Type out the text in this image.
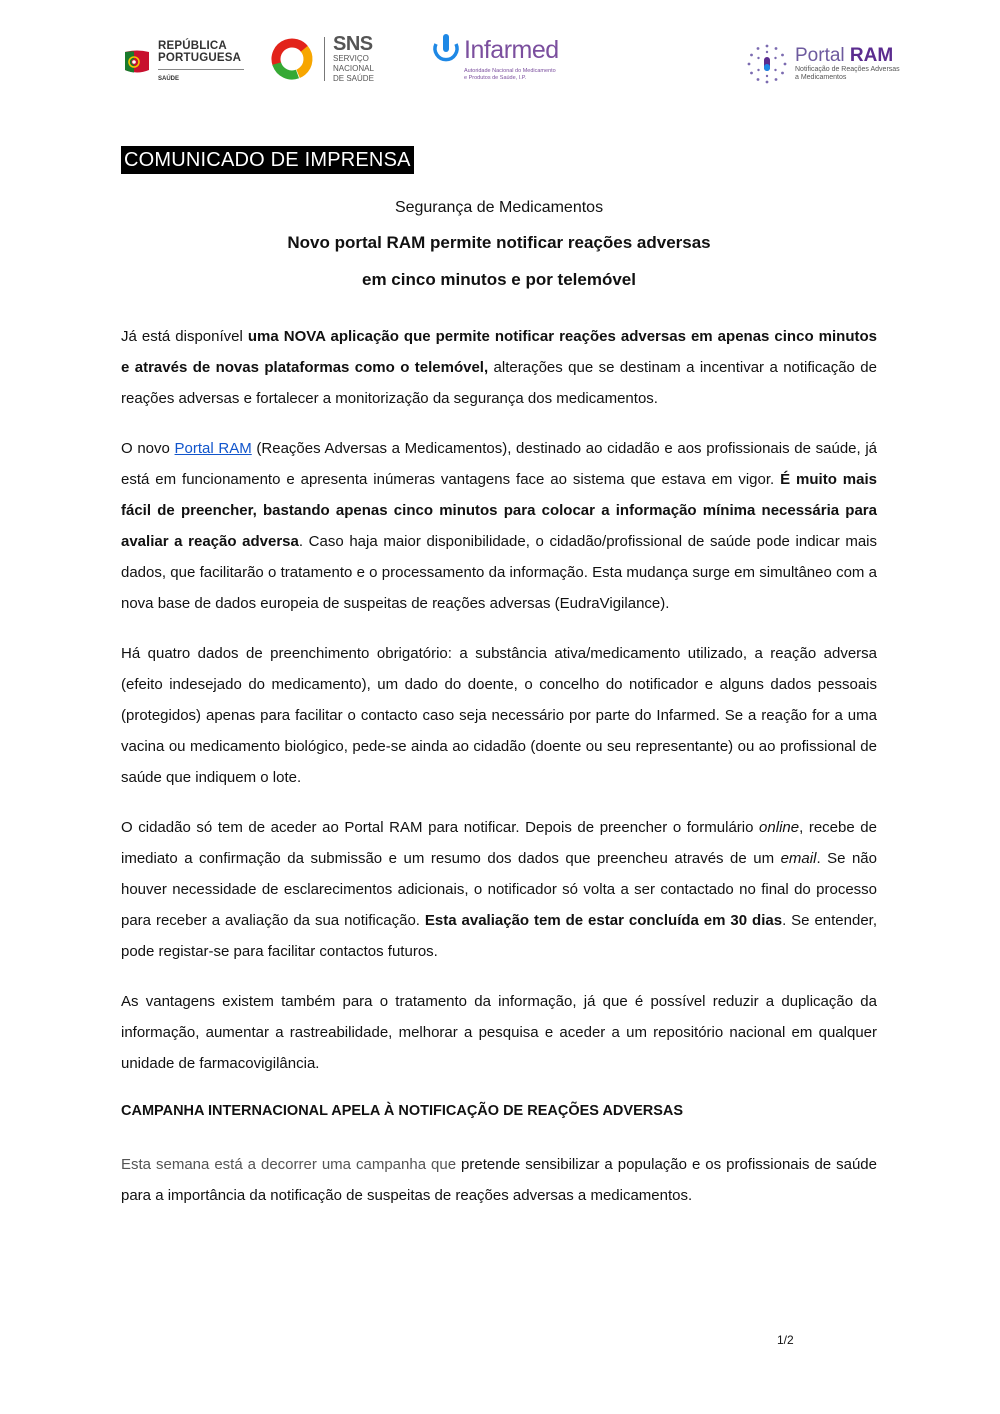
REPÚBLICA
PORTUGUESA
SAÚDE
SNS
SERVIÇO NACIONAL
DE SAÚDE
Infarmed
Autoridade Nacional do Medicamento
e Produtos de Saúde, I.P.
Portal RAM
Notificação de Reações Adversas
a Medicamentos
COMUNICADO DE IMPRENSA
Segurança de Medicamentos
Novo portal RAM permite notificar reações adversas
em cinco minutos e por telemóvel

Já está disponível uma NOVA aplicação que permite notificar reações adversas em apenas cinco minutos e através de novas plataformas como o telemóvel, alterações que se destinam a incentivar a notificação de reações adversas e fortalecer a monitorização da segurança dos medicamentos.

O novo Portal RAM (Reações Adversas a Medicamentos), destinado ao cidadão e aos profissionais de saúde, já está em funcionamento e apresenta inúmeras vantagens face ao sistema que estava em vigor. É muito mais fácil de preencher, bastando apenas cinco minutos para colocar a informação mínima necessária para avaliar a reação adversa. Caso haja maior disponibilidade, o cidadão/profissional de saúde pode indicar mais dados, que facilitarão o tratamento e o processamento da informação. Esta mudança surge em simultâneo com a nova base de dados europeia de suspeitas de reações adversas (EudraVigilance).

Há quatro dados de preenchimento obrigatório: a substância ativa/medicamento utilizado, a reação adversa (efeito indesejado do medicamento), um dado do doente, o concelho do notificador e alguns dados pessoais (protegidos) apenas para facilitar o contacto caso seja necessário por parte do Infarmed. Se a reação for a uma vacina ou medicamento biológico, pede-se ainda ao cidadão (doente ou seu representante) ou ao profissional de saúde que indiquem o lote.

O cidadão só tem de aceder ao Portal RAM para notificar. Depois de preencher o formulário online, recebe de imediato a confirmação da submissão e um resumo dos dados que preencheu através de um email. Se não houver necessidade de esclarecimentos adicionais, o notificador só volta a ser contactado no final do processo para receber a avaliação da sua notificação. Esta avaliação tem de estar concluída em 30 dias. Se entender, pode registar-se para facilitar contactos futuros.

As vantagens existem também para o tratamento da informação, já que é possível reduzir a duplicação da informação, aumentar a rastreabilidade, melhorar a pesquisa e aceder a um repositório nacional em qualquer unidade de farmacovigilância.

CAMPANHA INTERNACIONAL APELA À NOTIFICAÇÃO DE REAÇÕES ADVERSAS

Esta semana está a decorrer uma campanha que pretende sensibilizar a população e os profissionais de saúde para a importância da notificação de suspeitas de reações adversas a medicamentos.

1/2
